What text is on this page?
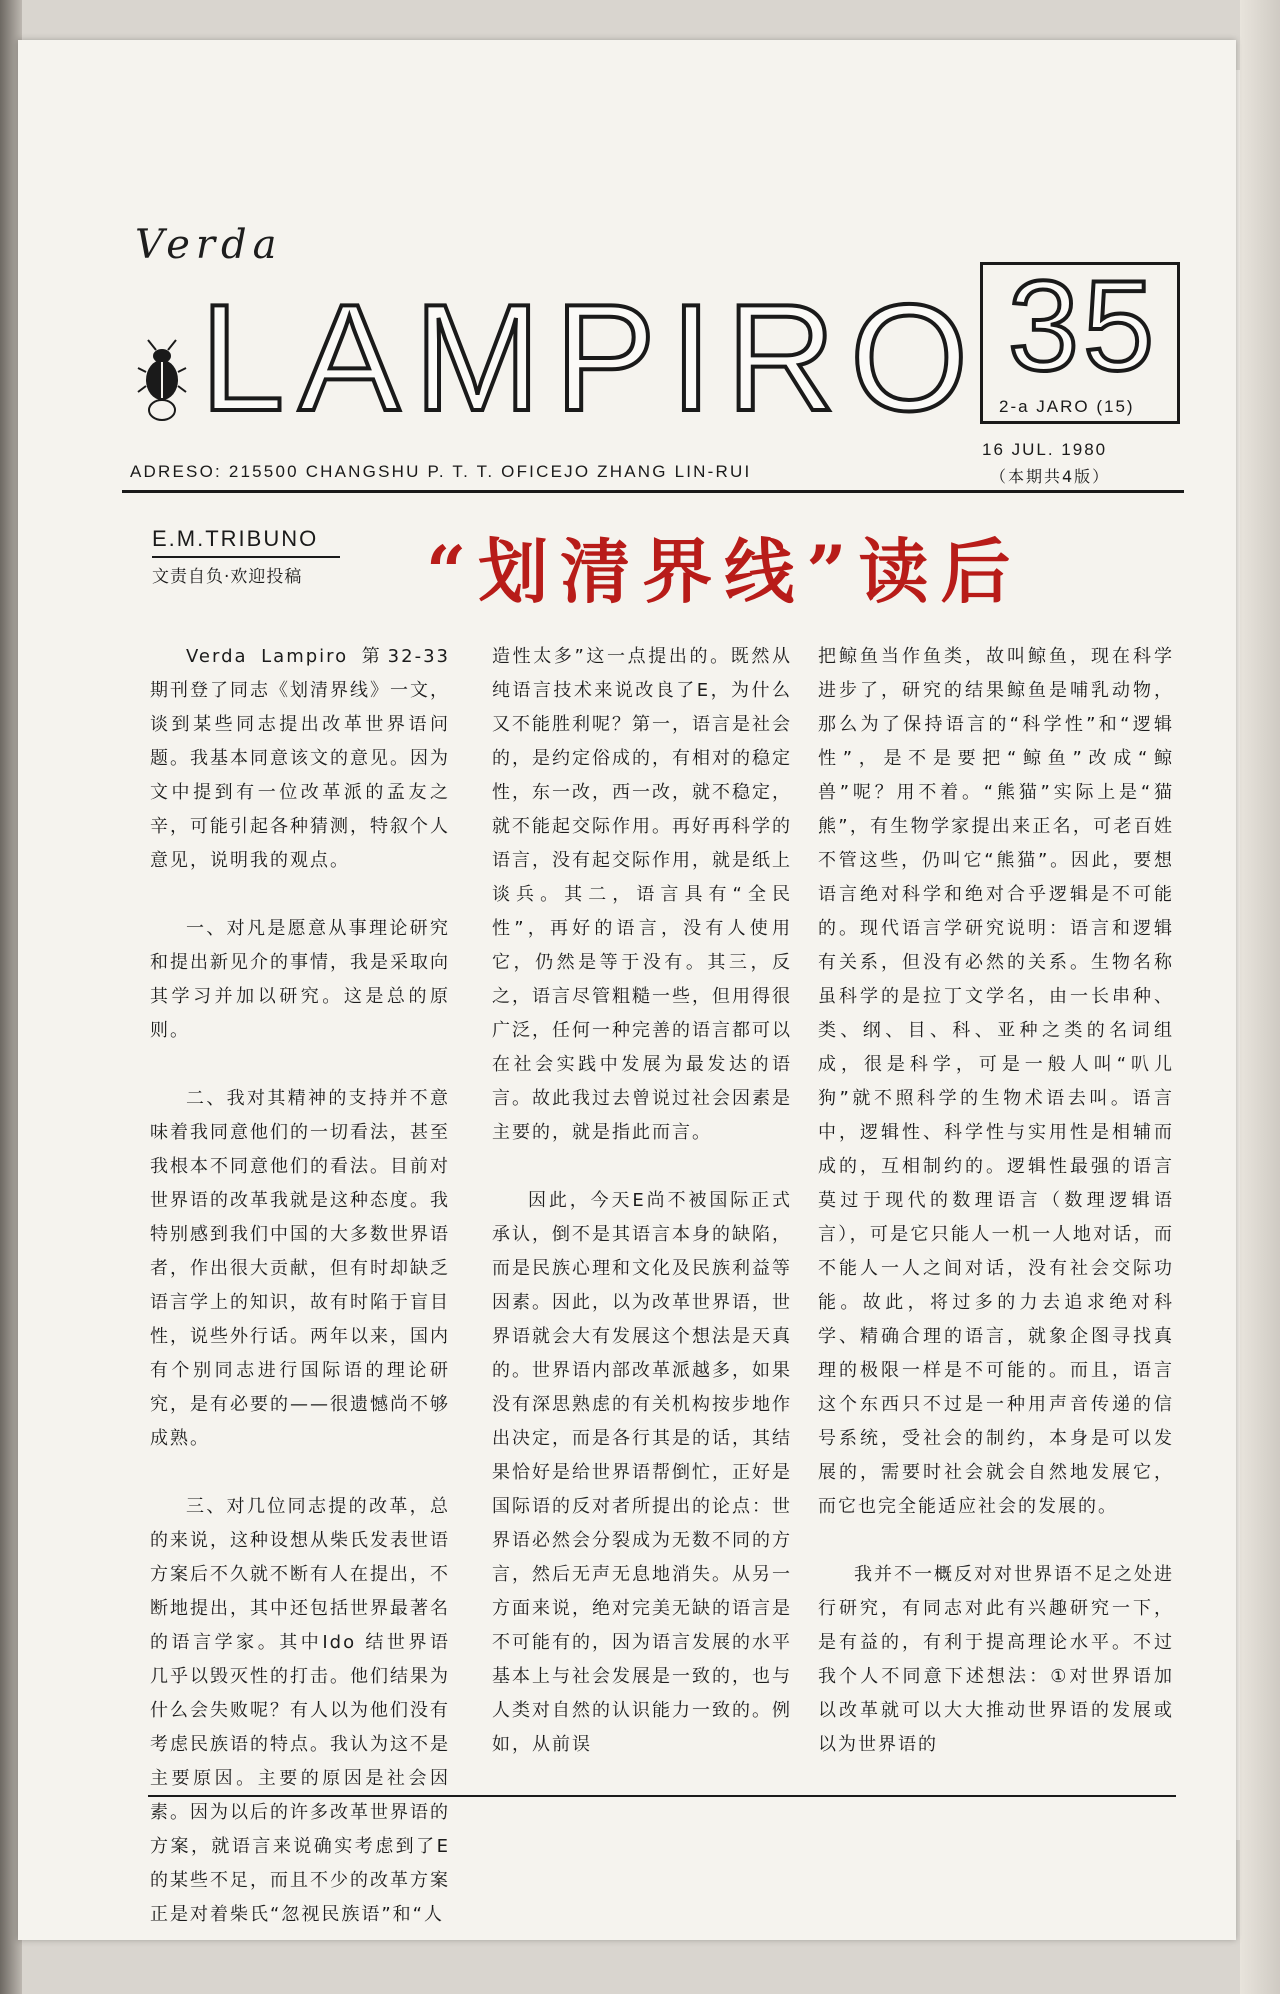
Verda
LAMPIRO 35
2-a JARO (15)
16 JUL. 1980
（本期共4版）
ADRESO: 215500 CHANGSHU P. T. T. OFICEJO ZHANG LIN-RUI
E.M.TRIBUNO
文责自负·欢迎投稿 “划清界线”读后

Verda Lampiro 第32-33期刊登了同志《划清界线》一文，谈到某些同志提出改革世界语问题。我基本同意该文的意见。因为文中提到有一位改革派的孟友之辛，可能引起各种猜测，特叙个人意见，说明我的观点。

一、对凡是愿意从事理论研究和提出新见介的事情，我是采取向其学习并加以研究。这是总的原则。

二、我对其精神的支持并不意味着我同意他们的一切看法，甚至我根本不同意他们的看法。目前对世界语的改革我就是这种态度。我特别感到我们中国的大多数世界语者，作出很大贡献，但有时却缺乏语言学上的知识，故有时陷于盲目性，说些外行话。两年以来，国内有个别同志进行国际语的理论研究，是有必要的——很遗憾尚不够成熟。

三、对几位同志提的改革，总的来说，这种设想从柴氏发表世语方案后不久就不断有人在提出，不断地提出，其中还包括世界最著名的语言学家。其中Ido 结世界语几乎以毁灭性的打击。他们结果为什么会失败呢？有人以为他们没有考虑民族语的特点。我认为这不是主要原因。主要的原因是社会因素。因为以后的许多改革世界语的方案，就语言来说确实考虑到了E的某些不足，而且不少的改革方案正是对着柴氏“忽视民族语”和“人

造性太多”这一点提出的。既然从纯语言技术来说改良了E，为什么又不能胜利呢？第一，语言是社会的，是约定俗成的，有相对的稳定性，东一改，西一改，就不稳定，就不能起交际作用。再好再科学的语言，没有起交际作用，就是纸上谈兵。其二，语言具有“全民性”，再好的语言，没有人使用它，仍然是等于没有。其三，反之，语言尽管粗糙一些，但用得很广泛，任何一种完善的语言都可以在社会实践中发展为最发达的语言。故此我过去曾说过社会因素是主要的，就是指此而言。

因此，今天E尚不被国际正式承认，倒不是其语言本身的缺陷，而是民族心理和文化及民族利益等因素。因此，以为改革世界语，世界语就会大有发展这个想法是天真的。世界语内部改革派越多，如果没有深思熟虑的有关机构按步地作出决定，而是各行其是的话，其结果恰好是给世界语帮倒忙，正好是国际语的反对者所提出的论点：世界语必然会分裂成为无数不同的方言，然后无声无息地消失。从另一方面来说，绝对完美无缺的语言是不可能有的，因为语言发展的水平基本上与社会发展是一致的，也与人类对自然的认识能力一致的。例如，从前误

把鲸鱼当作鱼类，故叫鲸鱼，现在科学进步了，研究的结果鲸鱼是哺乳动物，那么为了保持语言的“科学性”和“逻辑性”，是不是要把“鲸鱼”改成“鲸兽”呢？用不着。“熊猫”实际上是“猫熊”，有生物学家提出来正名，可老百姓不管这些，仍叫它“熊猫”。因此，要想语言绝对科学和绝对合乎逻辑是不可能的。现代语言学研究说明：语言和逻辑有关系，但没有必然的关系。生物名称虽科学的是拉丁文学名，由一长串种、类、纲、目、科、亚种之类的名词组成，很是科学，可是一般人叫“叭儿狗”就不照科学的生物术语去叫。语言中，逻辑性、科学性与实用性是相辅而成的，互相制约的。逻辑性最强的语言莫过于现代的数理语言（数理逻辑语言），可是它只能人一机一人地对话，而不能人一人之间对话，没有社会交际功能。故此，将过多的力去追求绝对科学、精确合理的语言，就象企图寻找真理的极限一样是不可能的。而且，语言这个东西只不过是一种用声音传递的信号系统，受社会的制约，本身是可以发展的，需要时社会就会自然地发展它，而它也完全能适应社会的发展的。

我并不一概反对对世界语不足之处进行研究，有同志对此有兴趣研究一下，是有益的，有利于提高理论水平。不过我个人不同意下述想法：①对世界语加以改革就可以大大推动世界语的发展或以为世界语的
